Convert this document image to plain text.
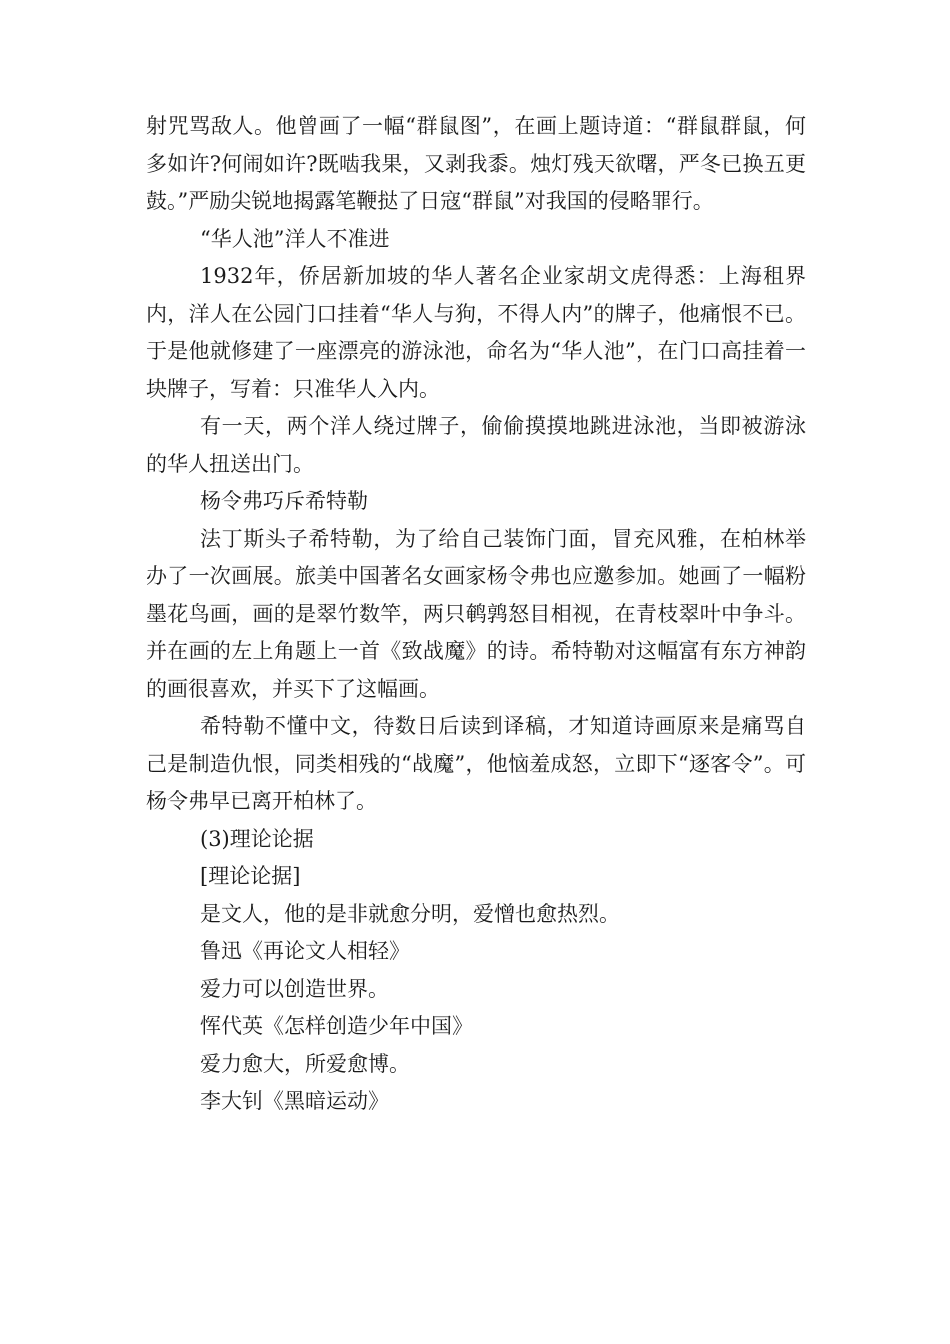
射咒骂敌人。他曾画了一幅“群鼠图”，在画上题诗道：“群鼠群鼠，何多如许?何闹如许?既啮我果，又剥我黍。烛灯残天欲曙，严冬已换五更鼓。”严励尖锐地揭露笔鞭挞了日寇“群鼠”对我国的侵略罪行。

“华人池”洋人不准进

1932年，侨居新加坡的华人著名企业家胡文虎得悉：上海租界内，洋人在公园门口挂着“华人与狗，不得人内”的牌子，他痛恨不已。于是他就修建了一座漂亮的游泳池，命名为“华人池”，在门口高挂着一块牌子，写着：只准华人入内。

有一天，两个洋人绕过牌子，偷偷摸摸地跳进泳池，当即被游泳的华人扭送出门。

杨令弗巧斥希特勒

法丁斯头子希特勒，为了给自己装饰门面，冒充风雅，在柏林举办了一次画展。旅美中国著名女画家杨令弗也应邀参加。她画了一幅粉墨花鸟画，画的是翠竹数竿，两只鹌鹑怒目相视，在青枝翠叶中争斗。并在画的左上角题上一首《致战魔》的诗。希特勒对这幅富有东方神韵的画很喜欢，并买下了这幅画。

希特勒不懂中文，待数日后读到译稿，才知道诗画原来是痛骂自己是制造仇恨，同类相残的“战魔”，他恼羞成怒，立即下“逐客令”。可杨令弗早已离开柏林了。

(3)理论论据

[理论论据]

是文人，他的是非就愈分明，爱憎也愈热烈。

鲁迅《再论文人相轻》

爱力可以创造世界。

恽代英《怎样创造少年中国》

爱力愈大，所爱愈博。

李大钊《黑暗运动》
